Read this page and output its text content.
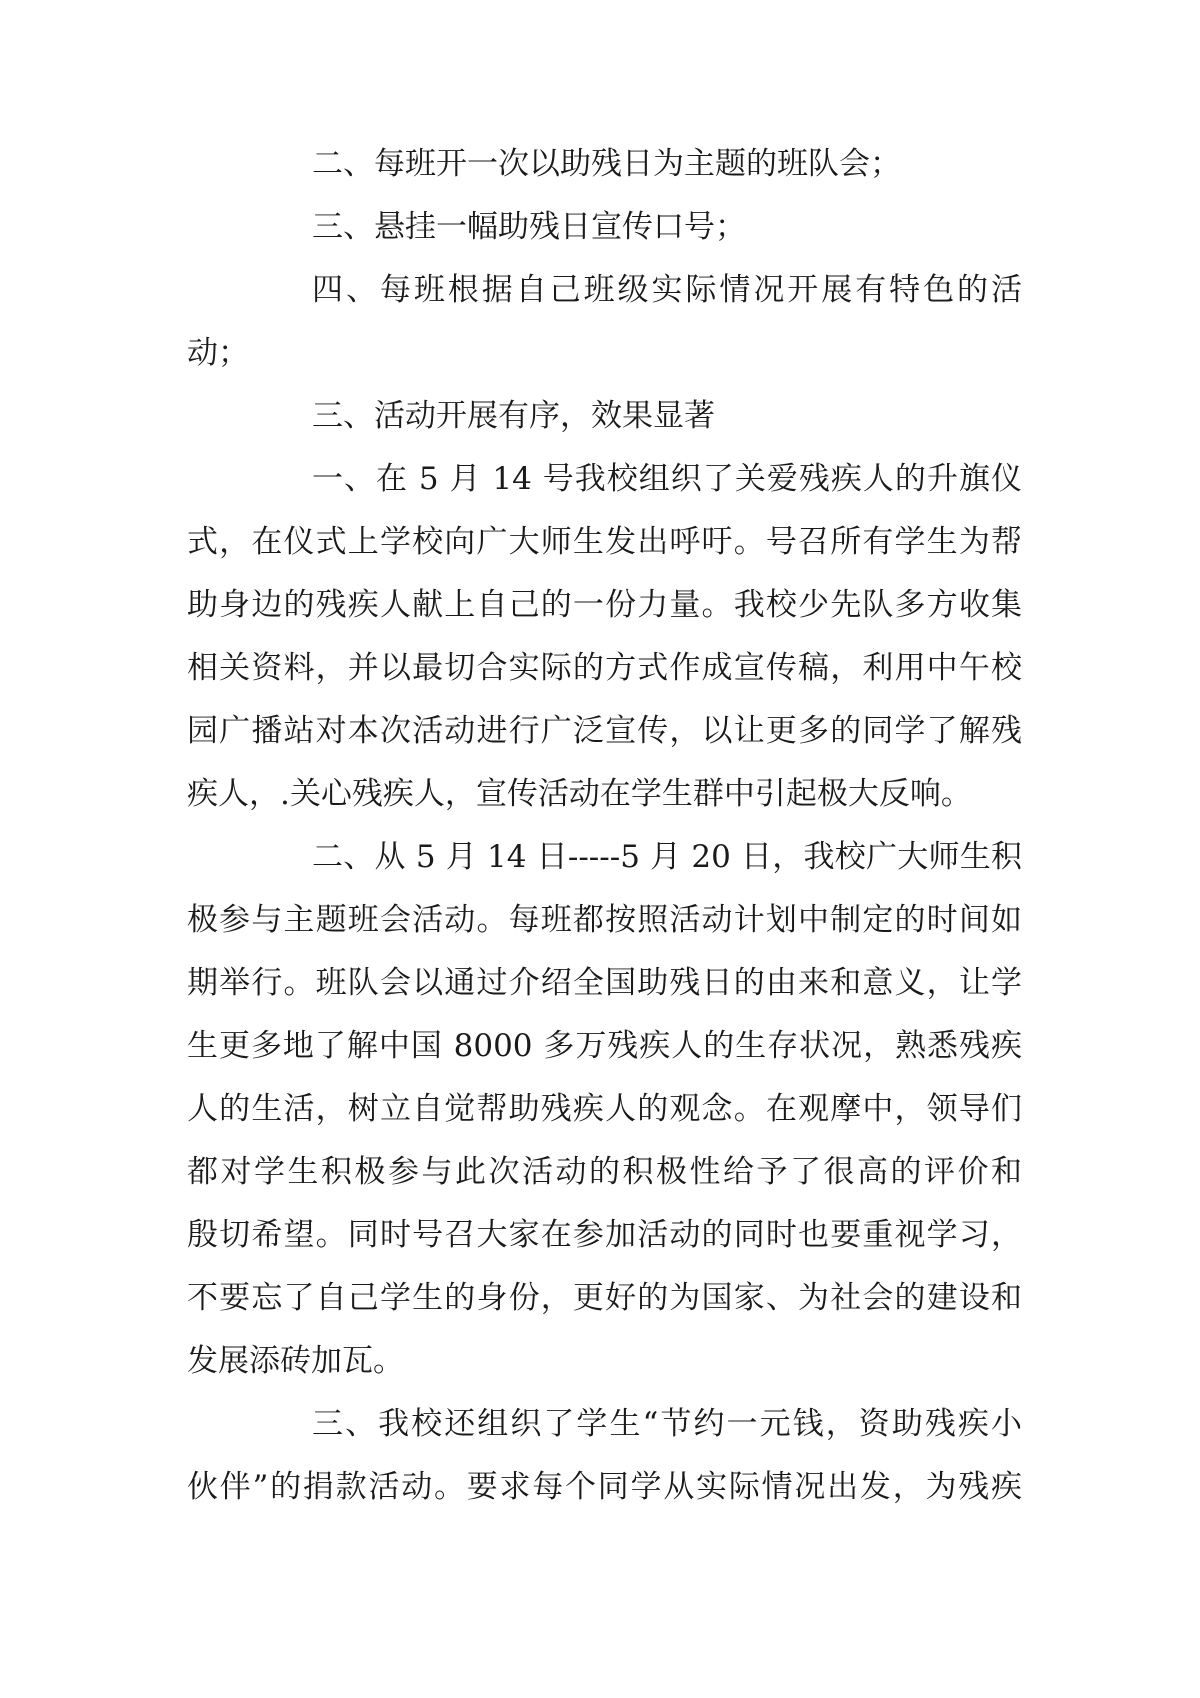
二、每班开一次以助残日为主题的班队会；
三、悬挂一幅助残日宣传口号；
四、每班根据自己班级实际情况开展有特色的活
动；
三、活动开展有序，效果显著
一、在 5 月 14 号我校组织了关爱残疾人的升旗仪
式，在仪式上学校向广大师生发出呼吁。号召所有学生为帮
助身边的残疾人献上自己的一份力量。我校少先队多方收集
相关资料，并以最切合实际的方式作成宣传稿，利用中午校
园广播站对本次活动进行广泛宣传，以让更多的同学了解残
疾人，.关心残疾人，宣传活动在学生群中引起极大反响。
二、从 5 月 14 日-----5 月 20 日，我校广大师生积
极参与主题班会活动。每班都按照活动计划中制定的时间如
期举行。班队会以通过介绍全国助残日的由来和意义，让学
生更多地了解中国 8000 多万残疾人的生存状况，熟悉残疾
人的生活，树立自觉帮助残疾人的观念。在观摩中，领导们
都对学生积极参与此次活动的积极性给予了很高的评价和
殷切希望。同时号召大家在参加活动的同时也要重视学习，
不要忘了自己学生的身份，更好的为国家、为社会的建设和
发展添砖加瓦。
三、我校还组织了学生“节约一元钱，资助残疾小
伙伴”的捐款活动。要求每个同学从实际情况出发，为残疾
